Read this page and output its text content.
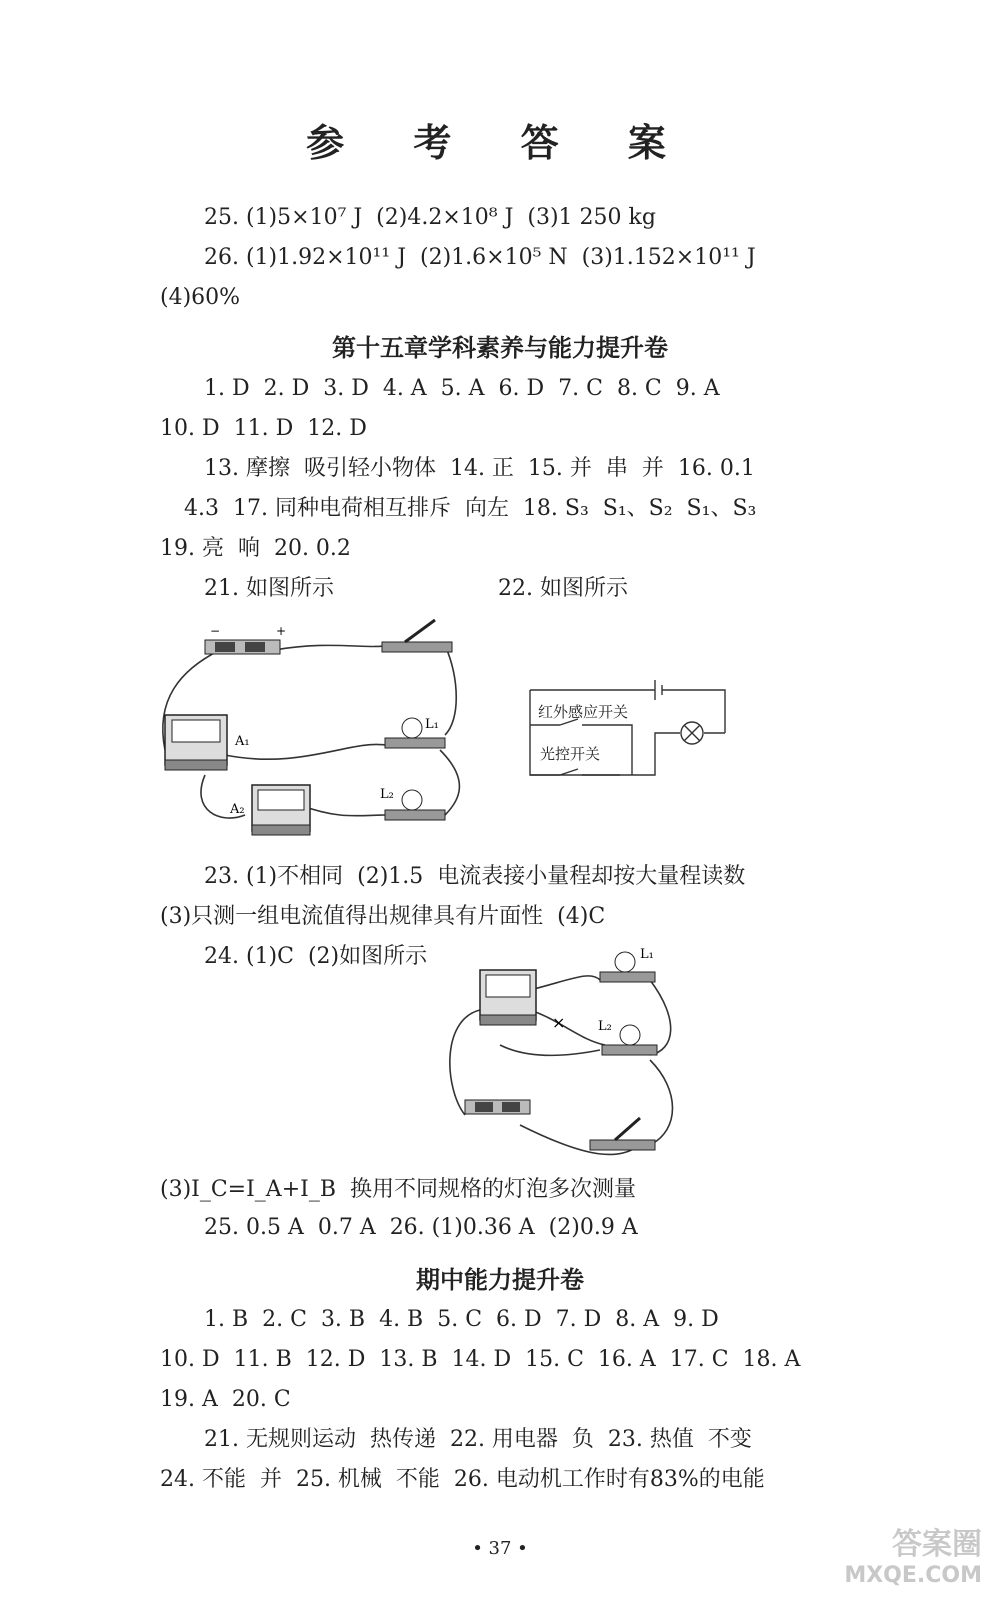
参 考 答 案
25. (1)5×10⁷ J  (2)4.2×10⁸ J  (3)1 250 kg
26. (1)1.92×10¹¹ J  (2)1.6×10⁵ N  (3)1.152×10¹¹ J
(4)60%
第十五章学科素养与能力提升卷
1. D  2. D  3. D  4. A  5. A  6. D  7. C  8. C  9. A
10. D  11. D  12. D
13. 摩擦  吸引轻小物体  14. 正  15. 并  串  并  16. 0.1
4.3  17. 同种电荷相互排斥  向左  18. S₃  S₁、S₂  S₁、S₃
19. 亮  响  20. 0.2
21. 如图所示	22. 如图所示
−	+
A₁
A₂
L₁
L₂
红外感应开关
光控开关
23. (1)不相同  (2)1.5  电流表接小量程却按大量程读数
(3)只测一组电流值得出规律具有片面性  (4)C
24. (1)C  (2)如图所示
×
L₁
L₂
(3)I_C=I_A+I_B  换用不同规格的灯泡多次测量
25. 0.5 A  0.7 A  26. (1)0.36 A  (2)0.9 A
期中能力提升卷
1. B  2. C  3. B  4. B  5. C  6. D  7. D  8. A  9. D
10. D  11. B  12. D  13. B  14. D  15. C  16. A  17. C  18. A
19. A  20. C
21. 无规则运动  热传递  22. 用电器  负  23. 热值  不变
24. 不能  并  25. 机械  不能  26. 电动机工作时有83%的电能
• 37 •	答案圈
MXQE.COM
